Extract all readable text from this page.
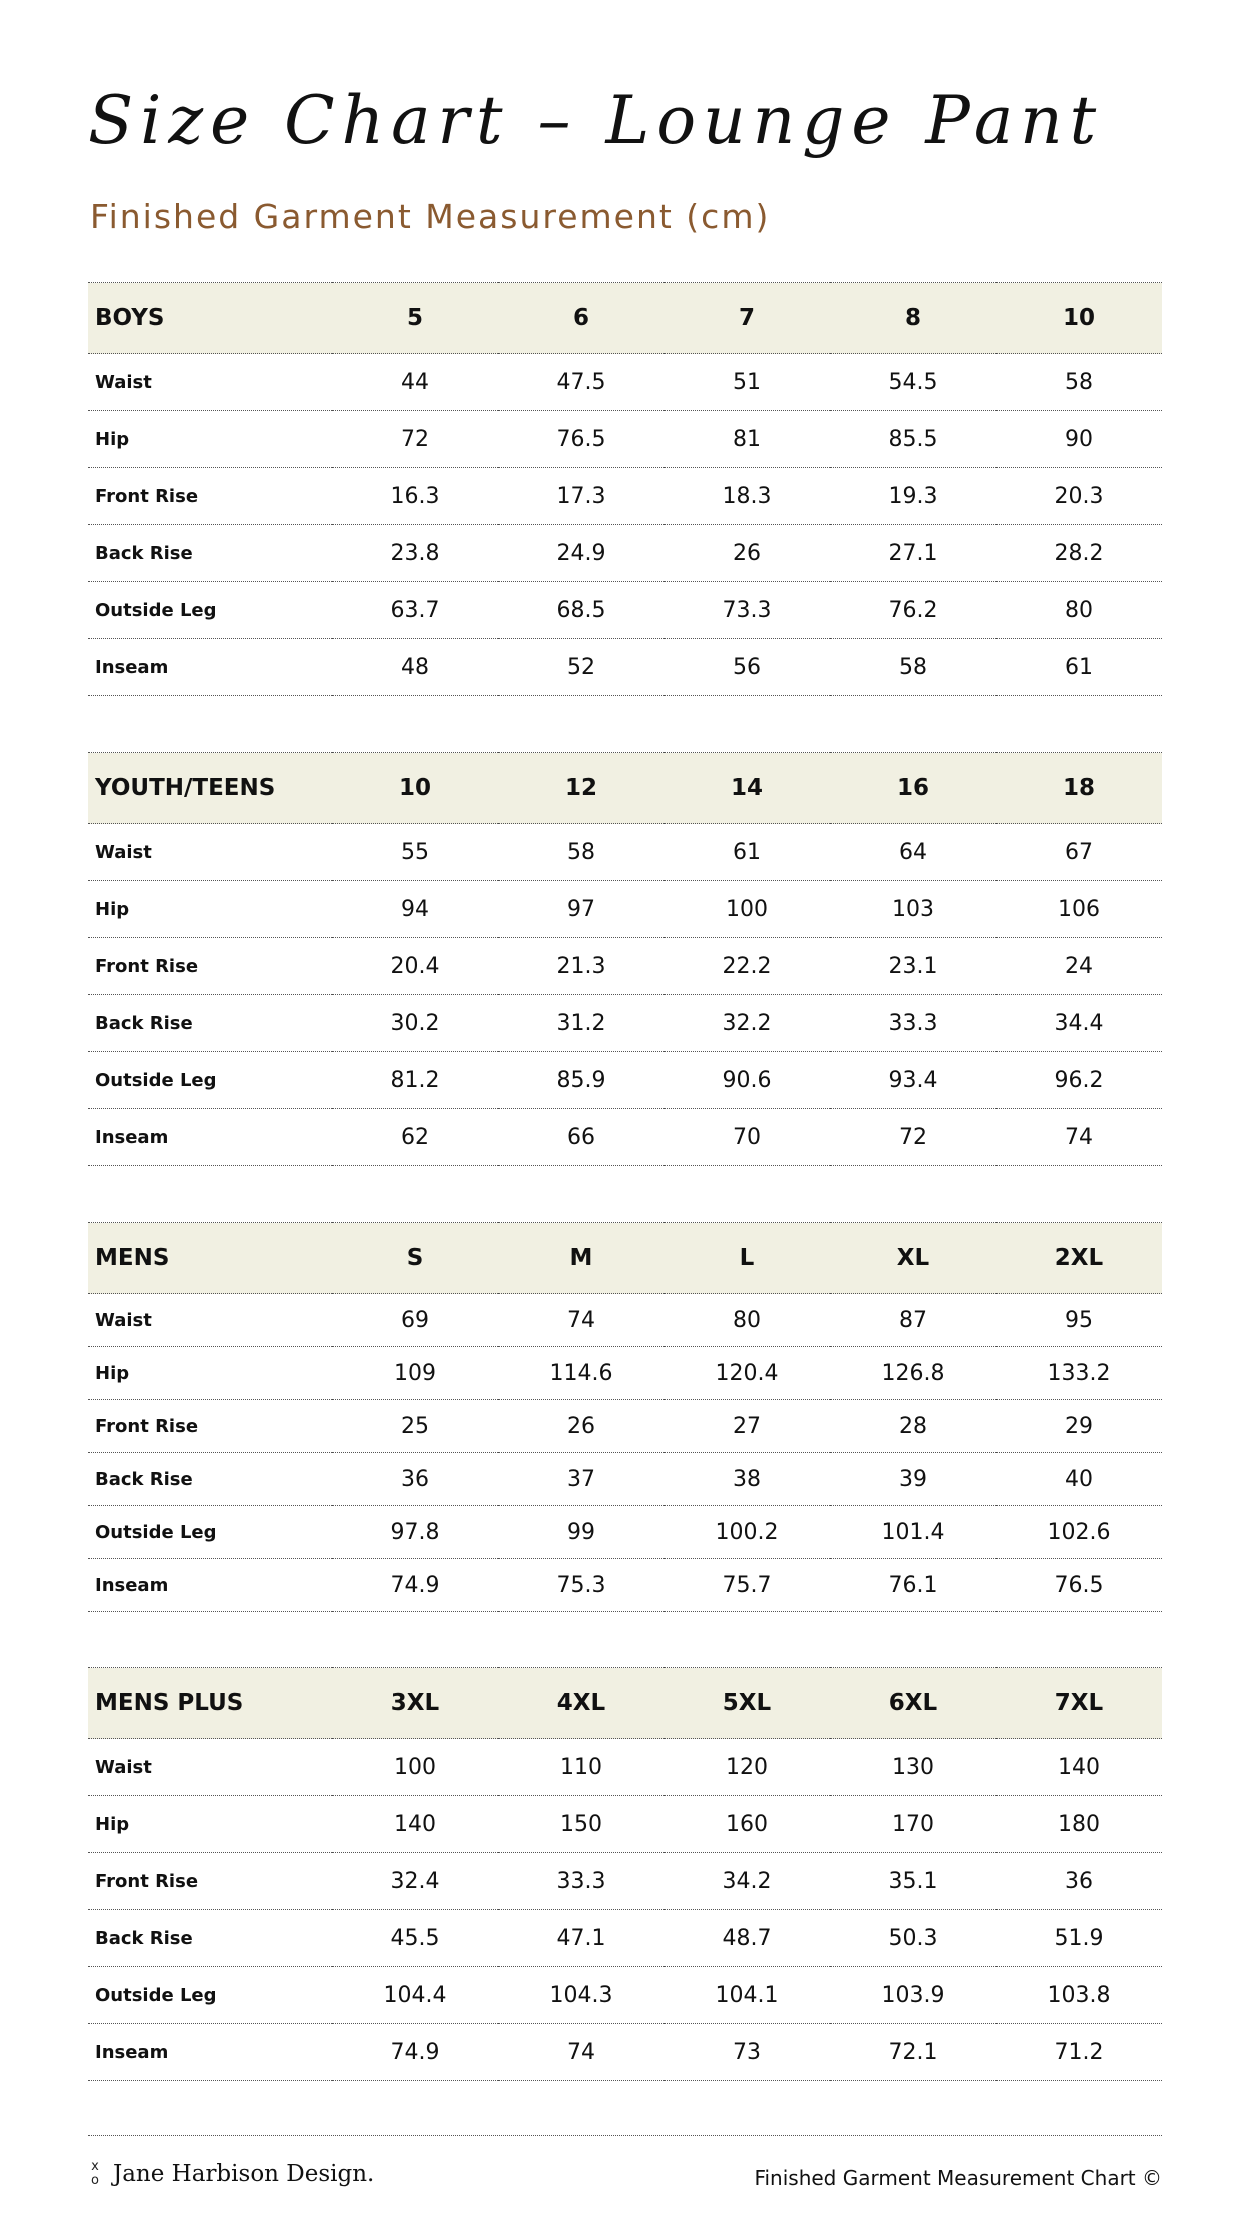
Size Chart – Lounge Pant
Finished Garment Measurement (cm)
BOYS	5	6	7	8	10
Waist	44	47.5	51	54.5	58
Hip	72	76.5	81	85.5	90
Front Rise	16.3	17.3	18.3	19.3	20.3
Back Rise	23.8	24.9	26	27.1	28.2
Outside Leg	63.7	68.5	73.3	76.2	80
Inseam	48	52	56	58	61
YOUTH/TEENS	10	12	14	16	18
Waist	55	58	61	64	67
Hip	94	97	100	103	106
Front Rise	20.4	21.3	22.2	23.1	24
Back Rise	30.2	31.2	32.2	33.3	34.4
Outside Leg	81.2	85.9	90.6	93.4	96.2
Inseam	62	66	70	72	74
MENS	S	M	L	XL	2XL
Waist	69	74	80	87	95
Hip	109	114.6	120.4	126.8	133.2
Front Rise	25	26	27	28	29
Back Rise	36	37	38	39	40
Outside Leg	97.8	99	100.2	101.4	102.6
Inseam	74.9	75.3	75.7	76.1	76.5
MENS PLUS	3XL	4XL	5XL	6XL	7XL
Waist	100	110	120	130	140
Hip	140	150	160	170	180
Front Rise	32.4	33.3	34.2	35.1	36
Back Rise	45.5	47.1	48.7	50.3	51.9
Outside Leg	104.4	104.3	104.1	103.9	103.8
Inseam	74.9	74	73	72.1	71.2
x
o Jane Harbison Design.	Finished Garment Measurement Chart ©
